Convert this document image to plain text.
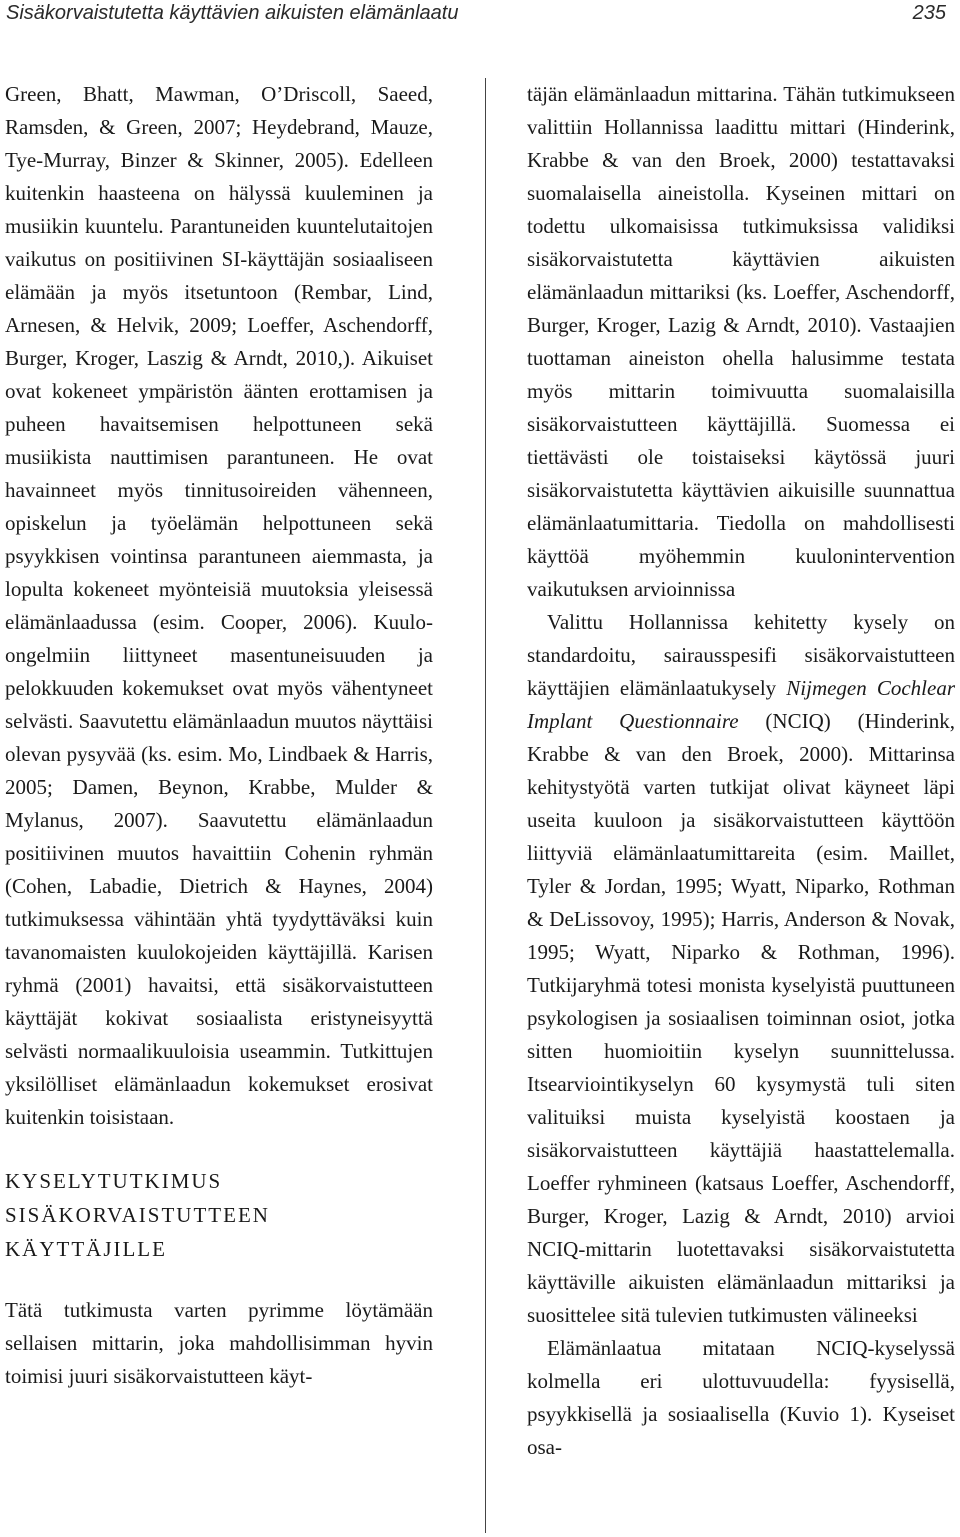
Sisäkorvaistutetta käyttävien aikuisten elämänlaatu	235

Green, Bhatt, Mawman, O’Driscoll, Saeed, Ramsden, & Green, 2007; Heydebrand, Mauze, Tye-Murray, Binzer & Skinner, 2005). Edelleen kuitenkin haasteena on hälyssä kuuleminen ja musiikin kuuntelu. Parantuneiden kuuntelutaitojen vaikutus on positiivinen SI-käyttäjän sosiaaliseen elämään ja myös itsetuntoon (Rembar, Lind, Arnesen, & Helvik, 2009; Loeffer, Aschendorff, Burger, Kroger, Laszig & Arndt, 2010,). Aikuiset ovat kokeneet ympäristön äänten erottamisen ja puheen havaitsemisen helpottuneen sekä musiikista nauttimisen parantuneen. He ovat havainneet myös tinnitusoireiden vähenneen, opiskelun ja työelämän helpottuneen sekä psyykkisen vointinsa parantuneen aiemmasta, ja lopulta kokeneet myönteisiä muutoksia yleisessä elämänlaadussa (esim. Cooper, 2006). Kuulo-ongelmiin liittyneet masentuneisuuden ja pelokkuuden kokemukset ovat myös vähentyneet selvästi. Saavutettu elämänlaadun muutos näyttäisi olevan pysyvää (ks. esim. Mo, Lindbaek & Harris, 2005; Damen, Beynon, Krabbe, Mulder & Mylanus, 2007). Saavutettu elämänlaadun positiivinen muutos havaittiin Cohenin ryhmän (Cohen, Labadie, Dietrich & Haynes, 2004) tutkimuksessa vähintään yhtä tyydyttäväksi kuin tavanomaisten kuulokojeiden käyttäjillä. Karisen ryhmä (2001) havaitsi, että sisäkorvaistutteen käyttäjät kokivat sosiaalista eristyneisyyttä selvästi normaalikuuloisia useammin. Tutkittujen yksilölliset elämänlaadun kokemukset erosivat kuitenkin toisistaan.

KYSELYTUTKIMUS
SISÄKORVAISTUTTEEN
KÄYTTÄJILLE

Tätä tutkimusta varten pyrimme löytämään sellaisen mittarin, joka mahdollisimman hyvin toimisi juuri sisäkorvaistutteen käyt-

täjän elämänlaadun mittarina. Tähän tutkimukseen valittiin Hollannissa laadittu mittari (Hinderink, Krabbe & van den Broek, 2000) testattavaksi suomalaisella aineistolla. Kyseinen mittari on todettu ulkomaisissa tutkimuksissa validiksi sisäkorvaistutetta käyttävien aikuisten elämänlaadun mittariksi (ks. Loeffer, Aschendorff, Burger, Kroger, Lazig & Arndt, 2010). Vastaajien tuottaman aineiston ohella halusimme testata myös mittarin toimivuutta suomalaisilla sisäkorvaistutteen käyttäjillä. Suomessa ei tiettävästi ole toistaiseksi käytössä juuri sisäkorvaistutetta käyttävien aikuisille suunnattua elämänlaatumittaria. Tiedolla on mahdollisesti käyttöä myöhemmin kuulonintervention vaikutuksen arvioinnissa

Valittu Hollannissa kehitetty kysely on standardoitu, sairausspesifi sisäkorvaistutteen käyttäjien elämänlaatukysely Nijmegen Cochlear Implant Questionnaire (NCIQ) (Hinderink, Krabbe & van den Broek, 2000). Mittarinsa kehitystyötä varten tutkijat olivat käyneet läpi useita kuuloon ja sisäkorvaistutteen käyttöön liittyviä elämänlaatumittareita (esim. Maillet, Tyler & Jordan, 1995; Wyatt, Niparko, Rothman & DeLissovoy, 1995); Harris, Anderson & Novak, 1995; Wyatt, Niparko & Rothman, 1996). Tutkijaryhmä totesi monista kyselyistä puuttuneen psykologisen ja sosiaalisen toiminnan osiot, jotka sitten huomioitiin kyselyn suunnittelussa. Itsearviointikyselyn 60 kysymystä tuli siten valituiksi muista kyselyistä koostaen ja sisäkorvaistutteen käyttäjiä haastattelemalla. Loeffer ryhmineen (katsaus Loeffer, Aschendorff, Burger, Kroger, Lazig & Arndt, 2010) arvioi NCIQ-mittarin luotettavaksi sisäkorvaistutetta käyttäville aikuisten elämänlaadun mittariksi ja suosittelee sitä tulevien tutkimusten välineeksi

Elämänlaatua mitataan NCIQ-kyselyssä kolmella eri ulottuvuudella: fyysisellä, psyykkisellä ja sosiaalisella (Kuvio 1). Kyseiset osa-
